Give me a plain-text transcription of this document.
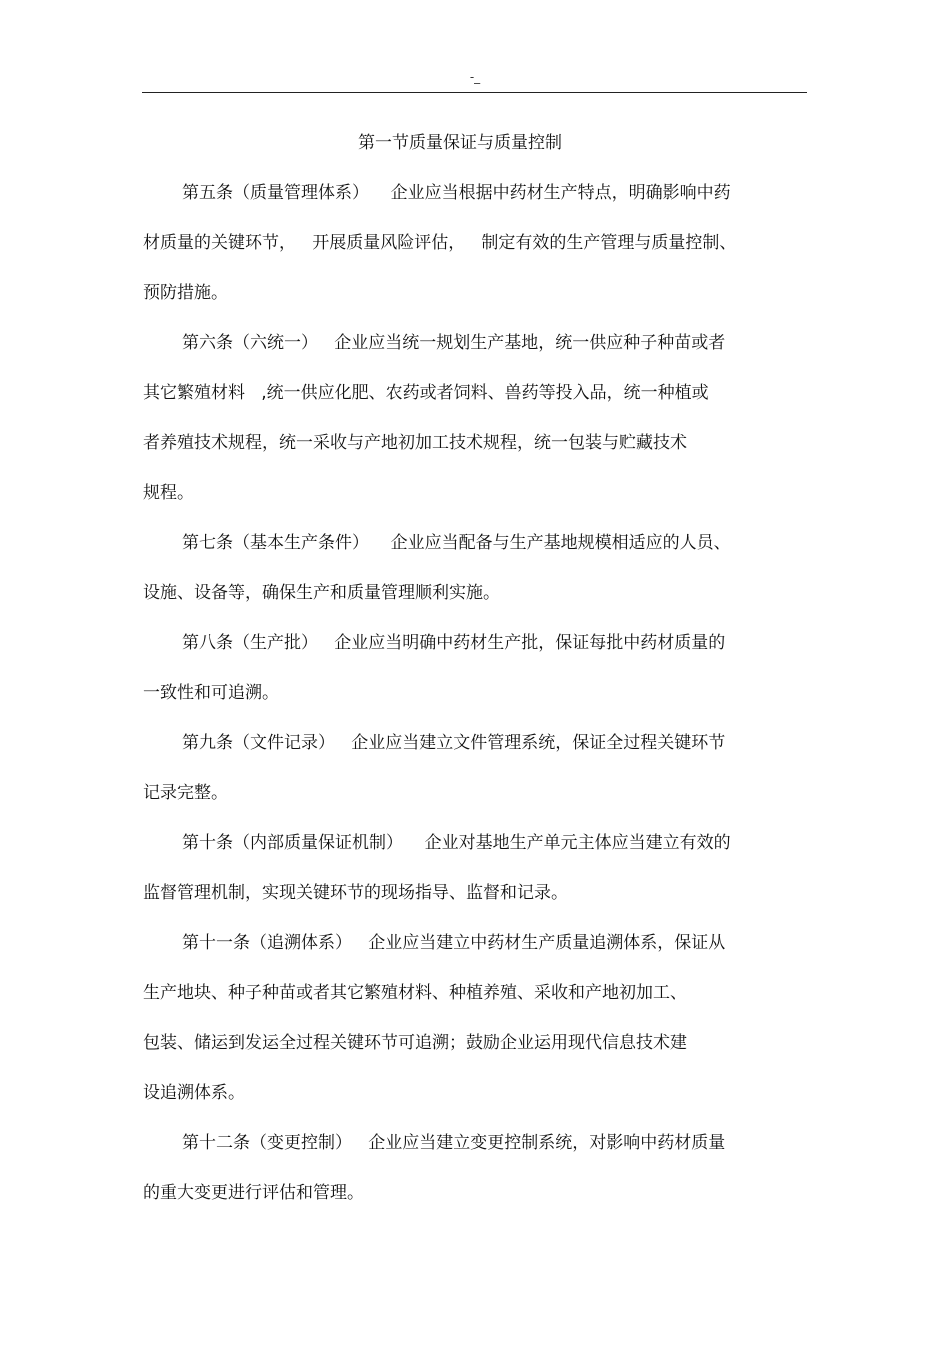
-_
第一节质量保证与质量控制
第五条（质量管理体系）    企业应当根据中药材生产特点，明确影响中药
材质量的关键环节，   开展质量风险评估，   制定有效的生产管理与质量控制、
预防措施。
第六条（六统一）   企业应当统一规划生产基地，统一供应种子种苗或者
其它繁殖材料   ,统一供应化肥、农药或者饲料、兽药等投入品，统一种植或
者养殖技术规程，统一采收与产地初加工技术规程，统一包装与贮藏技术
规程。
第七条（基本生产条件）    企业应当配备与生产基地规模相适应的人员、
设施、设备等，确保生产和质量管理顺利实施。
第八条（生产批）   企业应当明确中药材生产批，保证每批中药材质量的
一致性和可追溯。
第九条（文件记录）   企业应当建立文件管理系统，保证全过程关键环节
记录完整。
第十条（内部质量保证机制）    企业对基地生产单元主体应当建立有效的
监督管理机制，实现关键环节的现场指导、监督和记录。
第十一条（追溯体系）   企业应当建立中药材生产质量追溯体系，保证从
生产地块、种子种苗或者其它繁殖材料、种植养殖、采收和产地初加工、
包装、储运到发运全过程关键环节可追溯；鼓励企业运用现代信息技术建
设追溯体系。
第十二条（变更控制）   企业应当建立变更控制系统，对影响中药材质量
的重大变更进行评估和管理。
